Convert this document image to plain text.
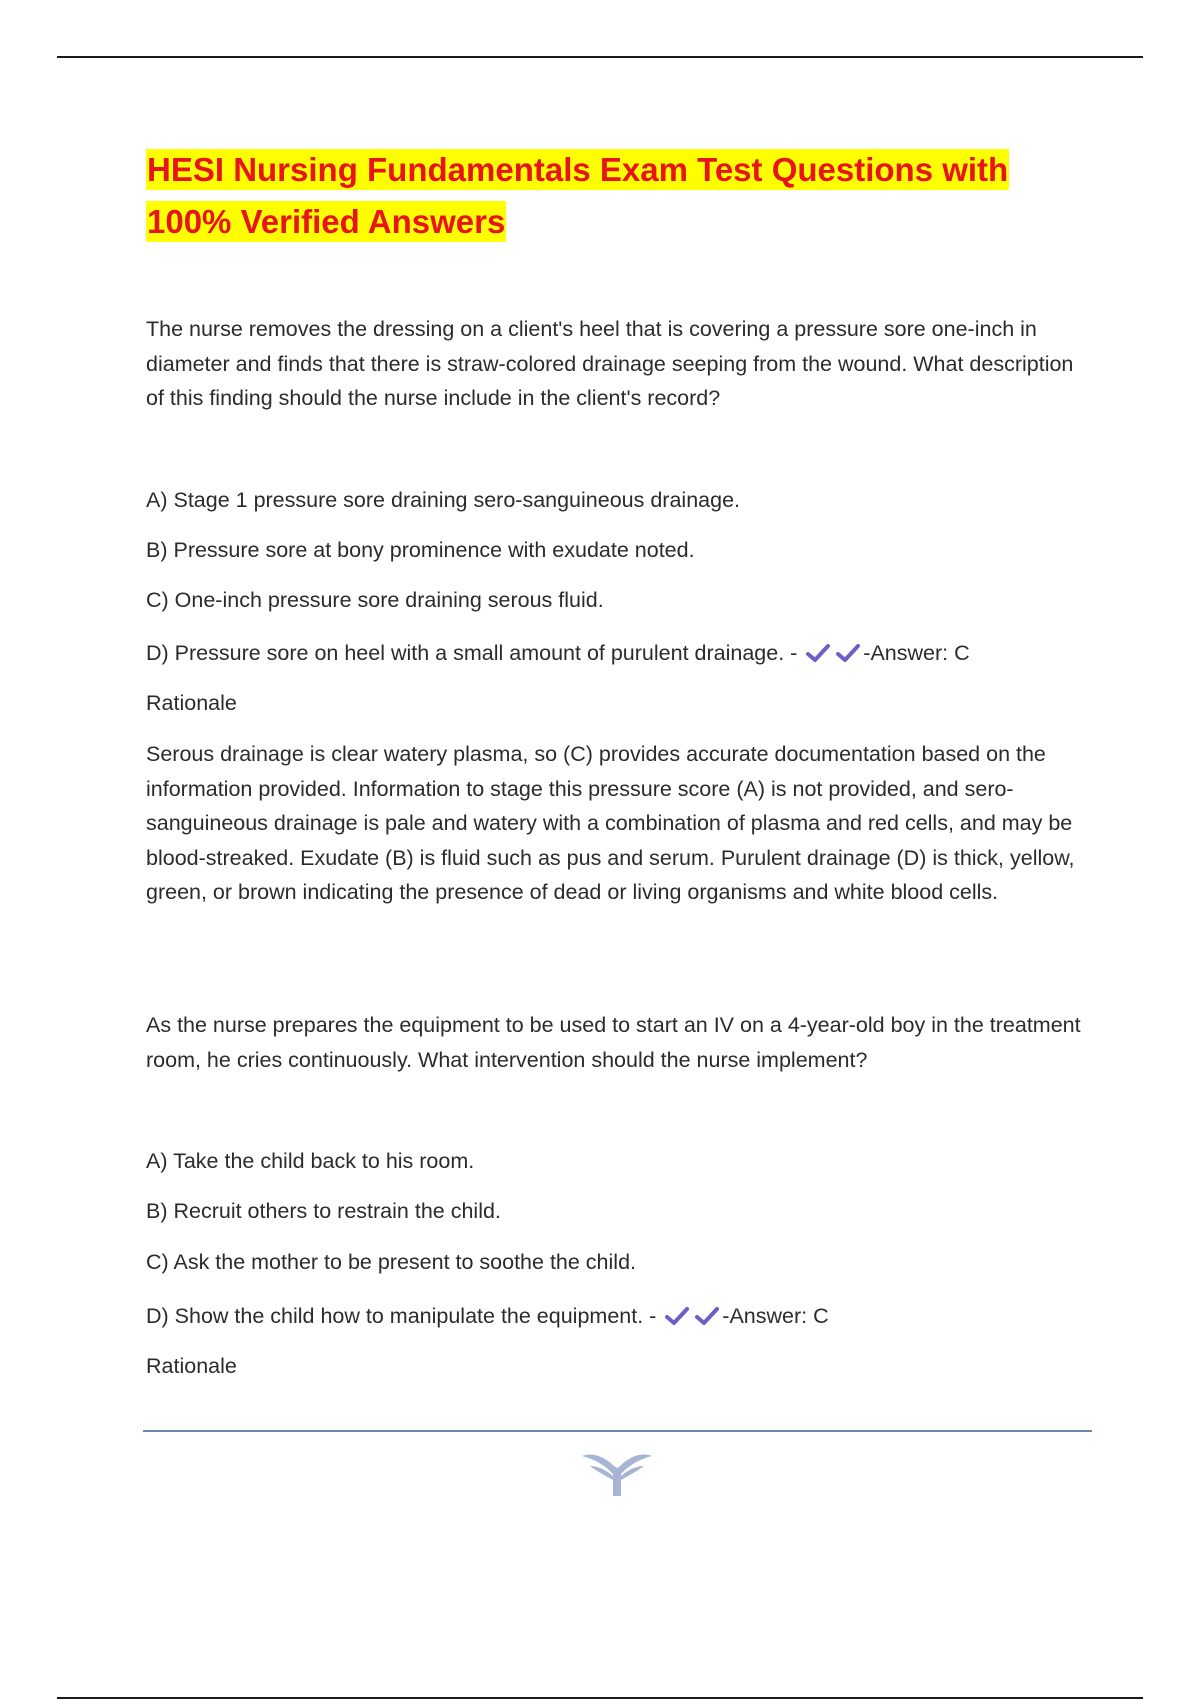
HESI Nursing Fundamentals Exam Test Questions with
100% Verified Answers

The nurse removes the dressing on a client's heel that is covering a pressure sore one-inch in diameter and finds that there is straw-colored drainage seeping from the wound. What description of this finding should the nurse include in the client's record?

A) Stage 1 pressure sore draining sero-sanguineous drainage.

B) Pressure sore at bony prominence with exudate noted.

C) One-inch pressure sore draining serous fluid.

D) Pressure sore on heel with a small amount of purulent drainage. -	-Answer: C

Rationale

Serous drainage is clear watery plasma, so (C) provides accurate documentation based on the information provided. Information to stage this pressure score (A) is not provided, and sero-sanguineous drainage is pale and watery with a combination of plasma and red cells, and may be blood-streaked. Exudate (B) is fluid such as pus and serum. Purulent drainage (D) is thick, yellow, green, or brown indicating the presence of dead or living organisms and white blood cells.

As the nurse prepares the equipment to be used to start an IV on a 4-year-old boy in the treatment room, he cries continuously. What intervention should the nurse implement?

A) Take the child back to his room.

B) Recruit others to restrain the child.

C) Ask the mother to be present to soothe the child.

D) Show the child how to manipulate the equipment. -	-Answer: C

Rationale
